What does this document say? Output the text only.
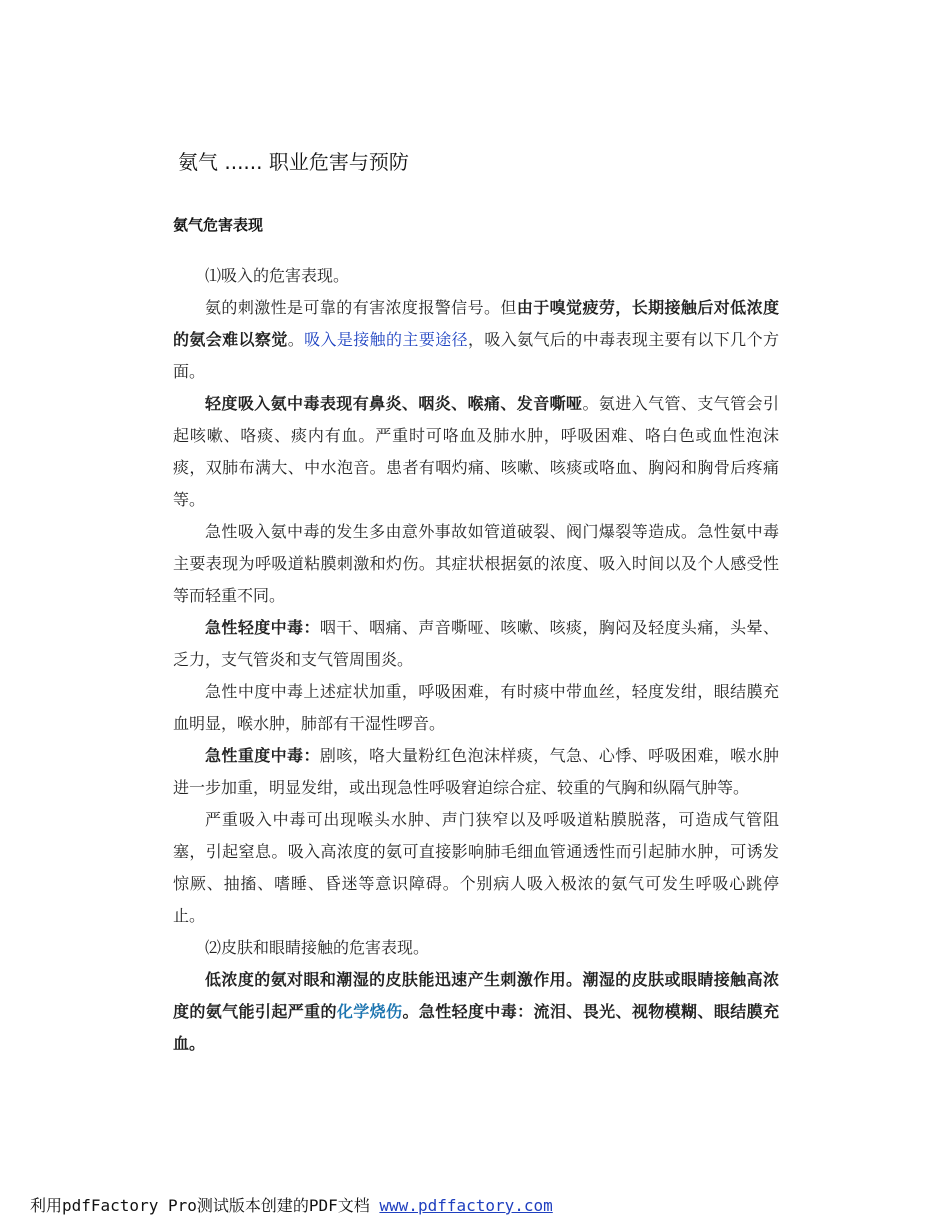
氨气 ...... 职业危害与预防
氨气危害表现

⑴吸入的危害表现。

氨的刺激性是可靠的有害浓度报警信号。但由于嗅觉疲劳，长期接触后对低浓度的氨会难以察觉。吸入是接触的主要途径，吸入氨气后的中毒表现主要有以下几个方面。

轻度吸入氨中毒表现有鼻炎、咽炎、喉痛、发音嘶哑。氨进入气管、支气管会引起咳嗽、咯痰、痰内有血。严重时可咯血及肺水肿，呼吸困难、咯白色或血性泡沫痰，双肺布满大、中水泡音。患者有咽灼痛、咳嗽、咳痰或咯血、胸闷和胸骨后疼痛等。

急性吸入氨中毒的发生多由意外事故如管道破裂、阀门爆裂等造成。急性氨中毒主要表现为呼吸道粘膜刺激和灼伤。其症状根据氨的浓度、吸入时间以及个人感受性等而轻重不同。

急性轻度中毒：咽干、咽痛、声音嘶哑、咳嗽、咳痰，胸闷及轻度头痛，头晕、乏力，支气管炎和支气管周围炎。

急性中度中毒上述症状加重，呼吸困难，有时痰中带血丝，轻度发绀，眼结膜充血明显，喉水肿，肺部有干湿性啰音。

急性重度中毒：剧咳，咯大量粉红色泡沫样痰，气急、心悸、呼吸困难，喉水肿进一步加重，明显发绀，或出现急性呼吸窘迫综合症、较重的气胸和纵隔气肿等。

严重吸入中毒可出现喉头水肿、声门狭窄以及呼吸道粘膜脱落，可造成气管阻塞，引起窒息。吸入高浓度的氨可直接影响肺毛细血管通透性而引起肺水肿，可诱发惊厥、抽搐、嗜睡、昏迷等意识障碍。个别病人吸入极浓的氨气可发生呼吸心跳停止。

⑵皮肤和眼睛接触的危害表现。

低浓度的氨对眼和潮湿的皮肤能迅速产生刺激作用。潮湿的皮肤或眼睛接触高浓度的氨气能引起严重的化学烧伤。急性轻度中毒：流泪、畏光、视物模糊、眼结膜充血。

利用pdfFactory Pro测试版本创建的PDF文档 www.pdffactory.com
